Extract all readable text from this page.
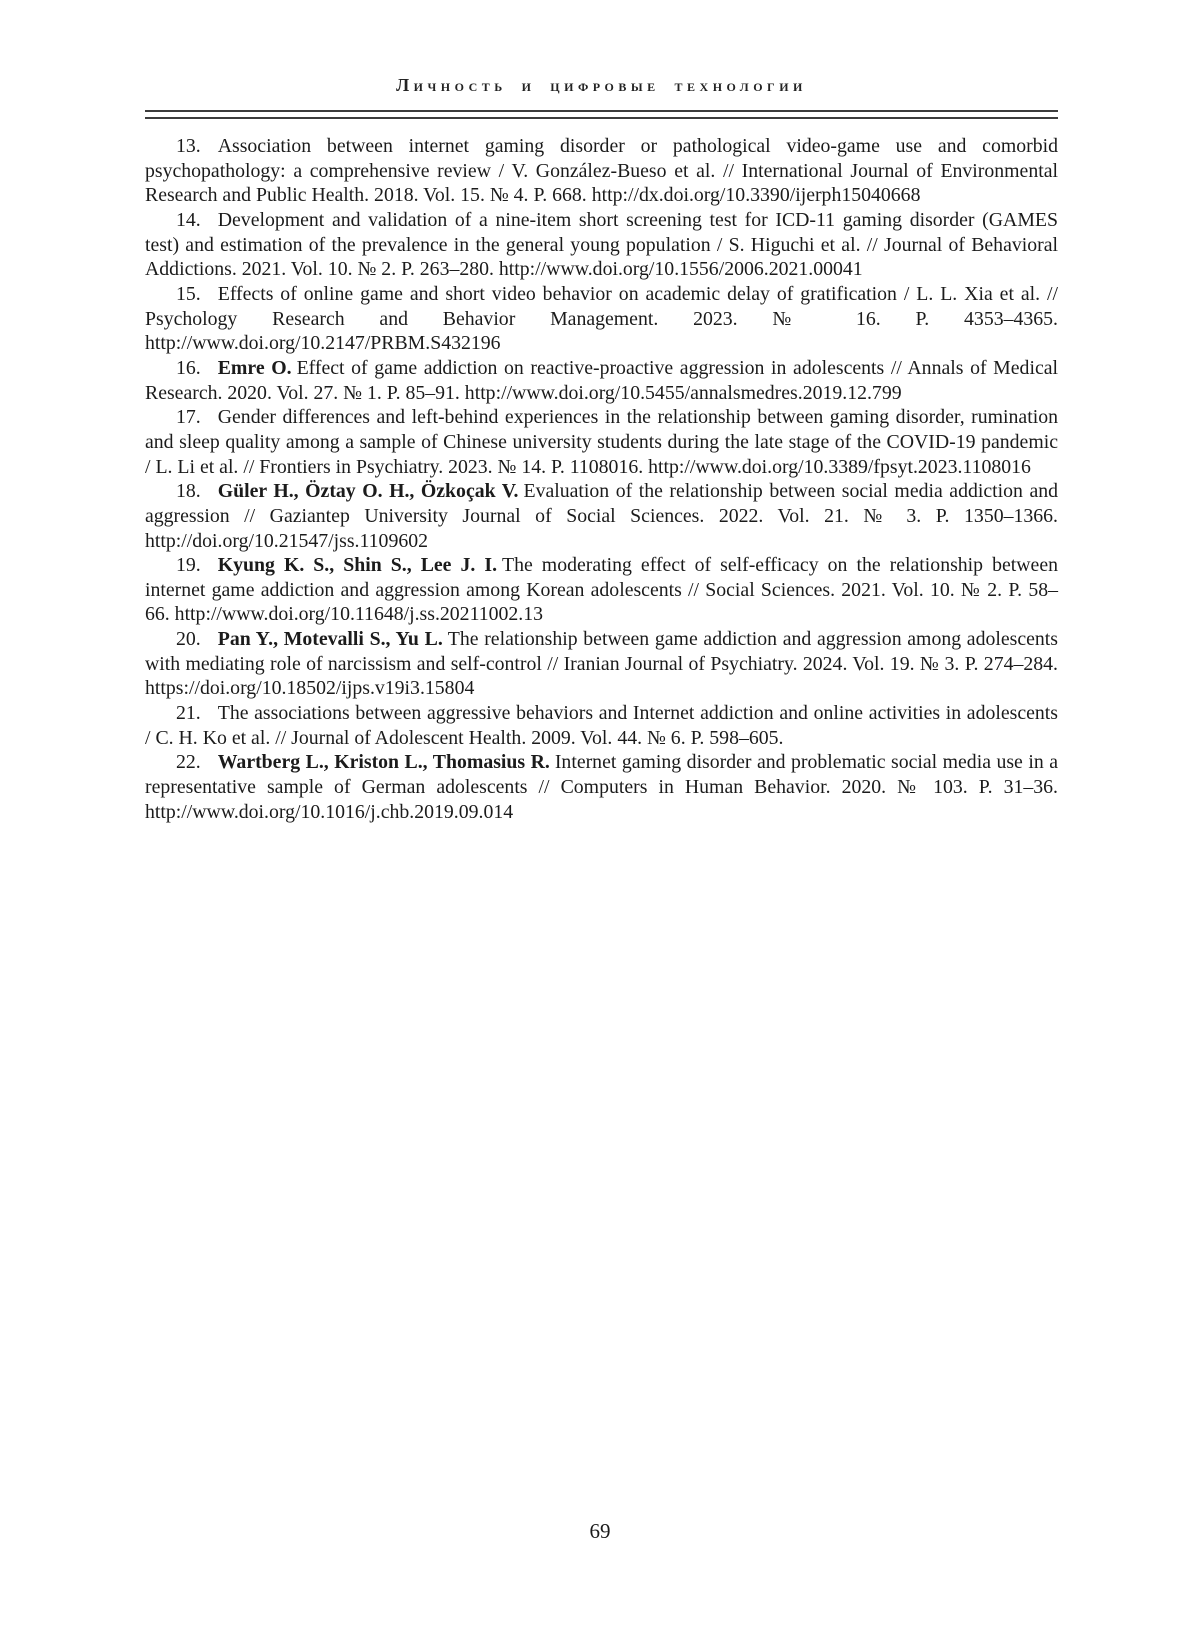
Личность и цифровые технологии

13. Association between internet gaming disorder or pathological video-game use and comorbid psychopathology: a comprehensive review / V. González-Bueso et al. // International Journal of Environmental Research and Public Health. 2018. Vol. 15. № 4. P. 668. http://dx.doi.org/10.3390/ijerph15040668

14. Development and validation of a nine-item short screening test for ICD-11 gaming disorder (GAMES test) and estimation of the prevalence in the general young population / S. Higuchi et al. // Journal of Behavioral Addictions. 2021. Vol. 10. № 2. P. 263–280. http://www.doi.org/10.1556/2006.2021.00041

15. Effects of online game and short video behavior on academic delay of gratification / L. L. Xia et al. // Psychology Research and Behavior Management. 2023. № 16. P. 4353–4365. http://www.doi.org/10.2147/PRBM.S432196

16. Emre O. Effect of game addiction on reactive-proactive aggression in adolescents // Annals of Medical Research. 2020. Vol. 27. № 1. P. 85–91. http://www.doi.org/10.5455/annalsmedres.2019.12.799

17. Gender differences and left-behind experiences in the relationship between gaming disorder, rumination and sleep quality among a sample of Chinese university students during the late stage of the COVID-19 pandemic / L. Li et al. // Frontiers in Psychiatry. 2023. № 14. P. 1108016. http://www.doi.org/10.3389/fpsyt.2023.1108016

18. Güler H., Öztay O. H., Özkoçak V. Evaluation of the relationship between social media addiction and aggression // Gaziantep University Journal of Social Sciences. 2022. Vol. 21. № 3. P. 1350–1366. http://doi.org/10.21547/jss.1109602

19. Kyung K. S., Shin S., Lee J. I. The moderating effect of self-efficacy on the relationship between internet game addiction and aggression among Korean adolescents // Social Sciences. 2021. Vol. 10. № 2. P. 58–66. http://www.doi.org/10.11648/j.ss.20211002.13

20. Pan Y., Motevalli S., Yu L. The relationship between game addiction and aggression among adolescents with mediating role of narcissism and self-control // Iranian Journal of Psychiatry. 2024. Vol. 19. № 3. P. 274–284. https://doi.org/10.18502/ijps.v19i3.15804

21. The associations between aggressive behaviors and Internet addiction and online activities in adolescents / C. H. Ko et al. // Journal of Adolescent Health. 2009. Vol. 44. № 6. P. 598–605.

22. Wartberg L., Kriston L., Thomasius R. Internet gaming disorder and problematic social media use in a representative sample of German adolescents // Computers in Human Behavior. 2020. № 103. P. 31–36. http://www.doi.org/10.1016/j.chb.2019.09.014

69
